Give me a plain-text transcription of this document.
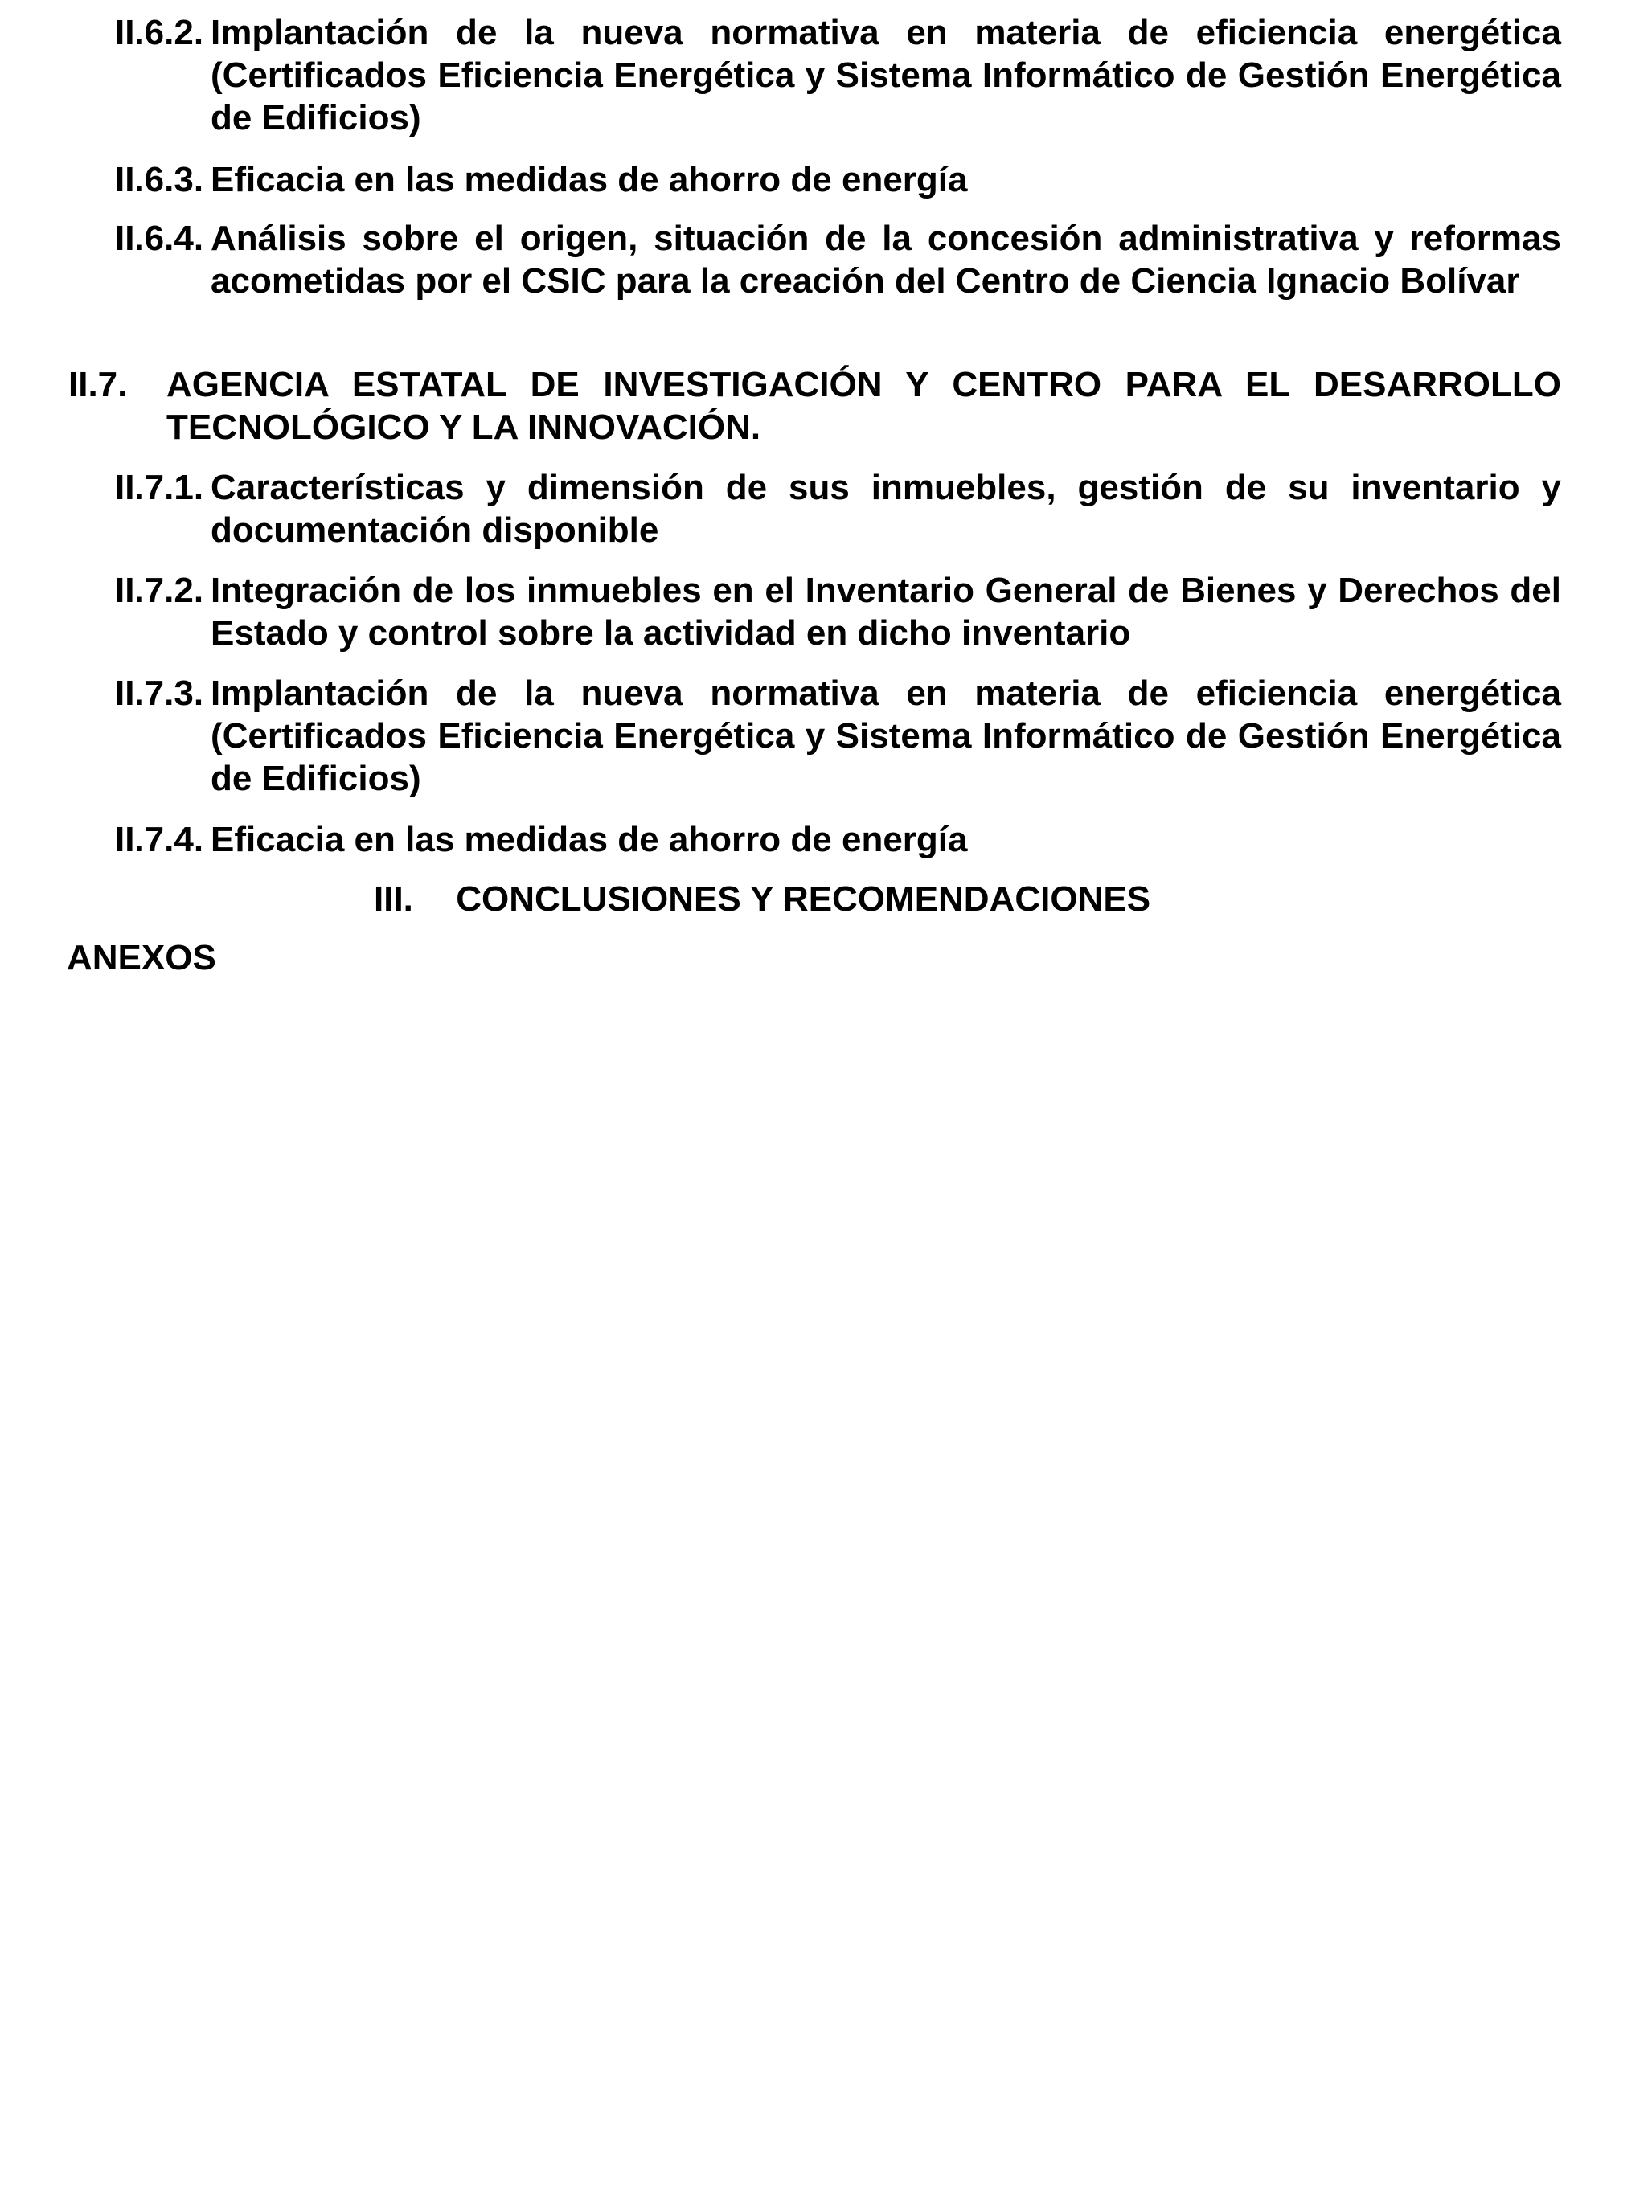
II.6.2. Implantación de la nueva normativa en materia de eficiencia energética (Certificados Eficiencia Energética y Sistema Informático de Gestión Energética de Edificios)
II.6.3. Eficacia en las medidas de ahorro de energía
II.6.4. Análisis sobre el origen, situación de la concesión administrativa y reformas acometidas por el CSIC para la creación del Centro de Ciencia Ignacio Bolívar
II.7.	AGENCIA ESTATAL DE INVESTIGACIÓN Y CENTRO PARA EL DESARROLLO TECNOLÓGICO Y LA INNOVACIÓN.
II.7.1. Características y dimensión de sus inmuebles, gestión de su inventario y documentación disponible
II.7.2. Integración de los inmuebles en el Inventario General de Bienes y Derechos del Estado y control sobre la actividad en dicho inventario
II.7.3. Implantación de la nueva normativa en materia de eficiencia energética (Certificados Eficiencia Energética y Sistema Informático de Gestión Energética de Edificios)
II.7.4. Eficacia en las medidas de ahorro de energía
III. CONCLUSIONES Y RECOMENDACIONES
ANEXOS
